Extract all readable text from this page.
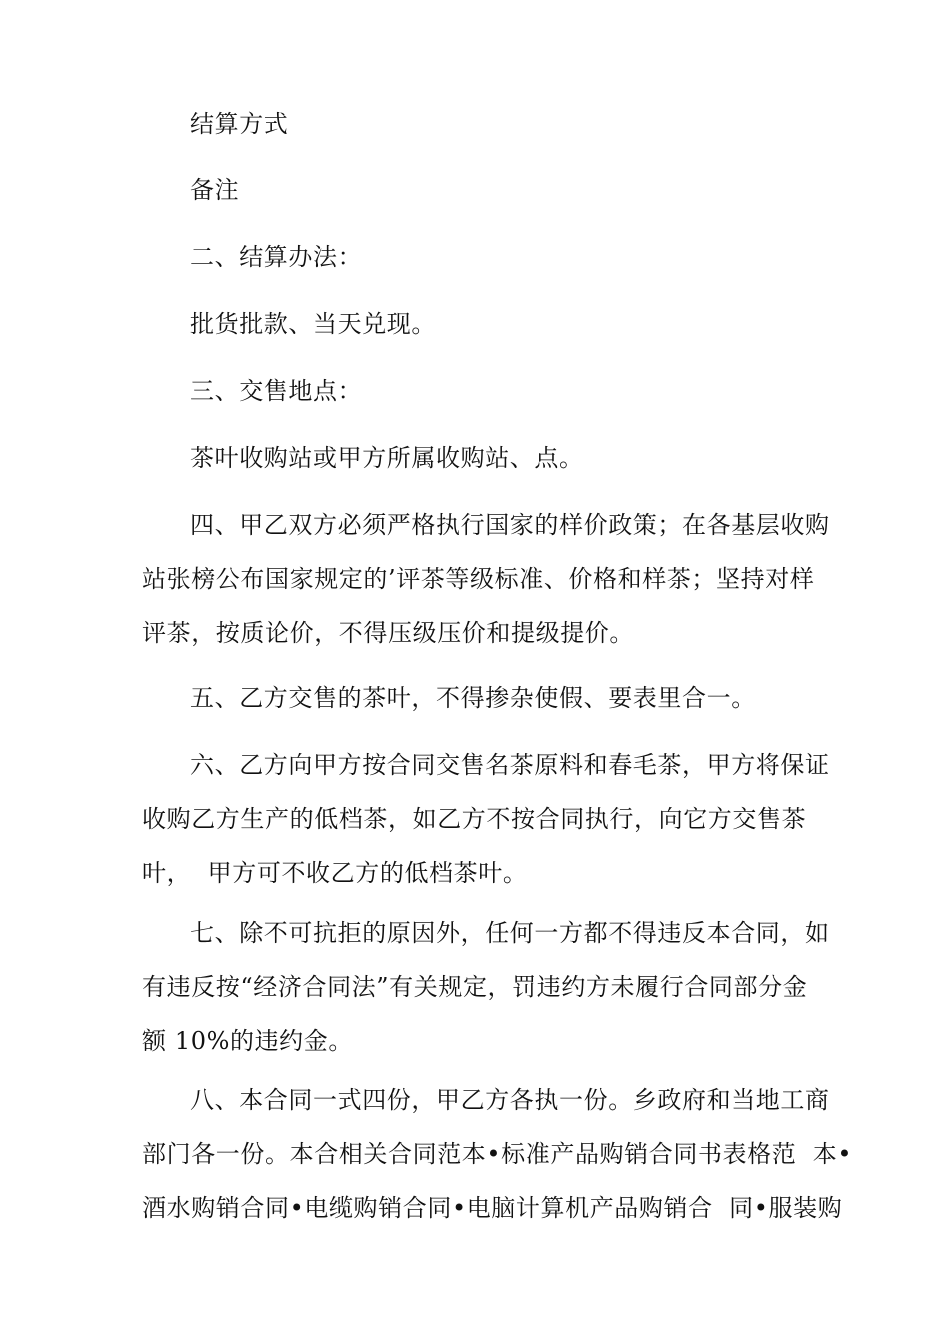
结算方式

备注

二、结算办法：

批货批款、当天兑现。

三、交售地点：

茶叶收购站或甲方所属收购站、点。

四、甲乙双方必须严格执行国家的样价政策；在各基层收购
站张榜公布国家规定的’评茶等级标准、价格和样茶；坚持对样
评茶，按质论价，不得压级压价和提级提价。

五、乙方交售的茶叶，不得掺杂使假、要表里合一。

六、乙方向甲方按合同交售名茶原料和春毛茶，甲方将保证
收购乙方生产的低档茶，如乙方不按合同执行，向它方交售茶
叶，  甲方可不收乙方的低档茶叶。

七、除不可抗拒的原因外，任何一方都不得违反本合同，如
有违反按“经济合同法”有关规定，罚违约方未履行合同部分金
额 10%的违约金。

八、本合同一式四份，甲乙方各执一份。乡政府和当地工商
部门各一份。本合相关合同范本•标准产品购销合同书表格范  本•
酒水购销合同•电缆购销合同•电脑计算机产品购销合  同•服装购
